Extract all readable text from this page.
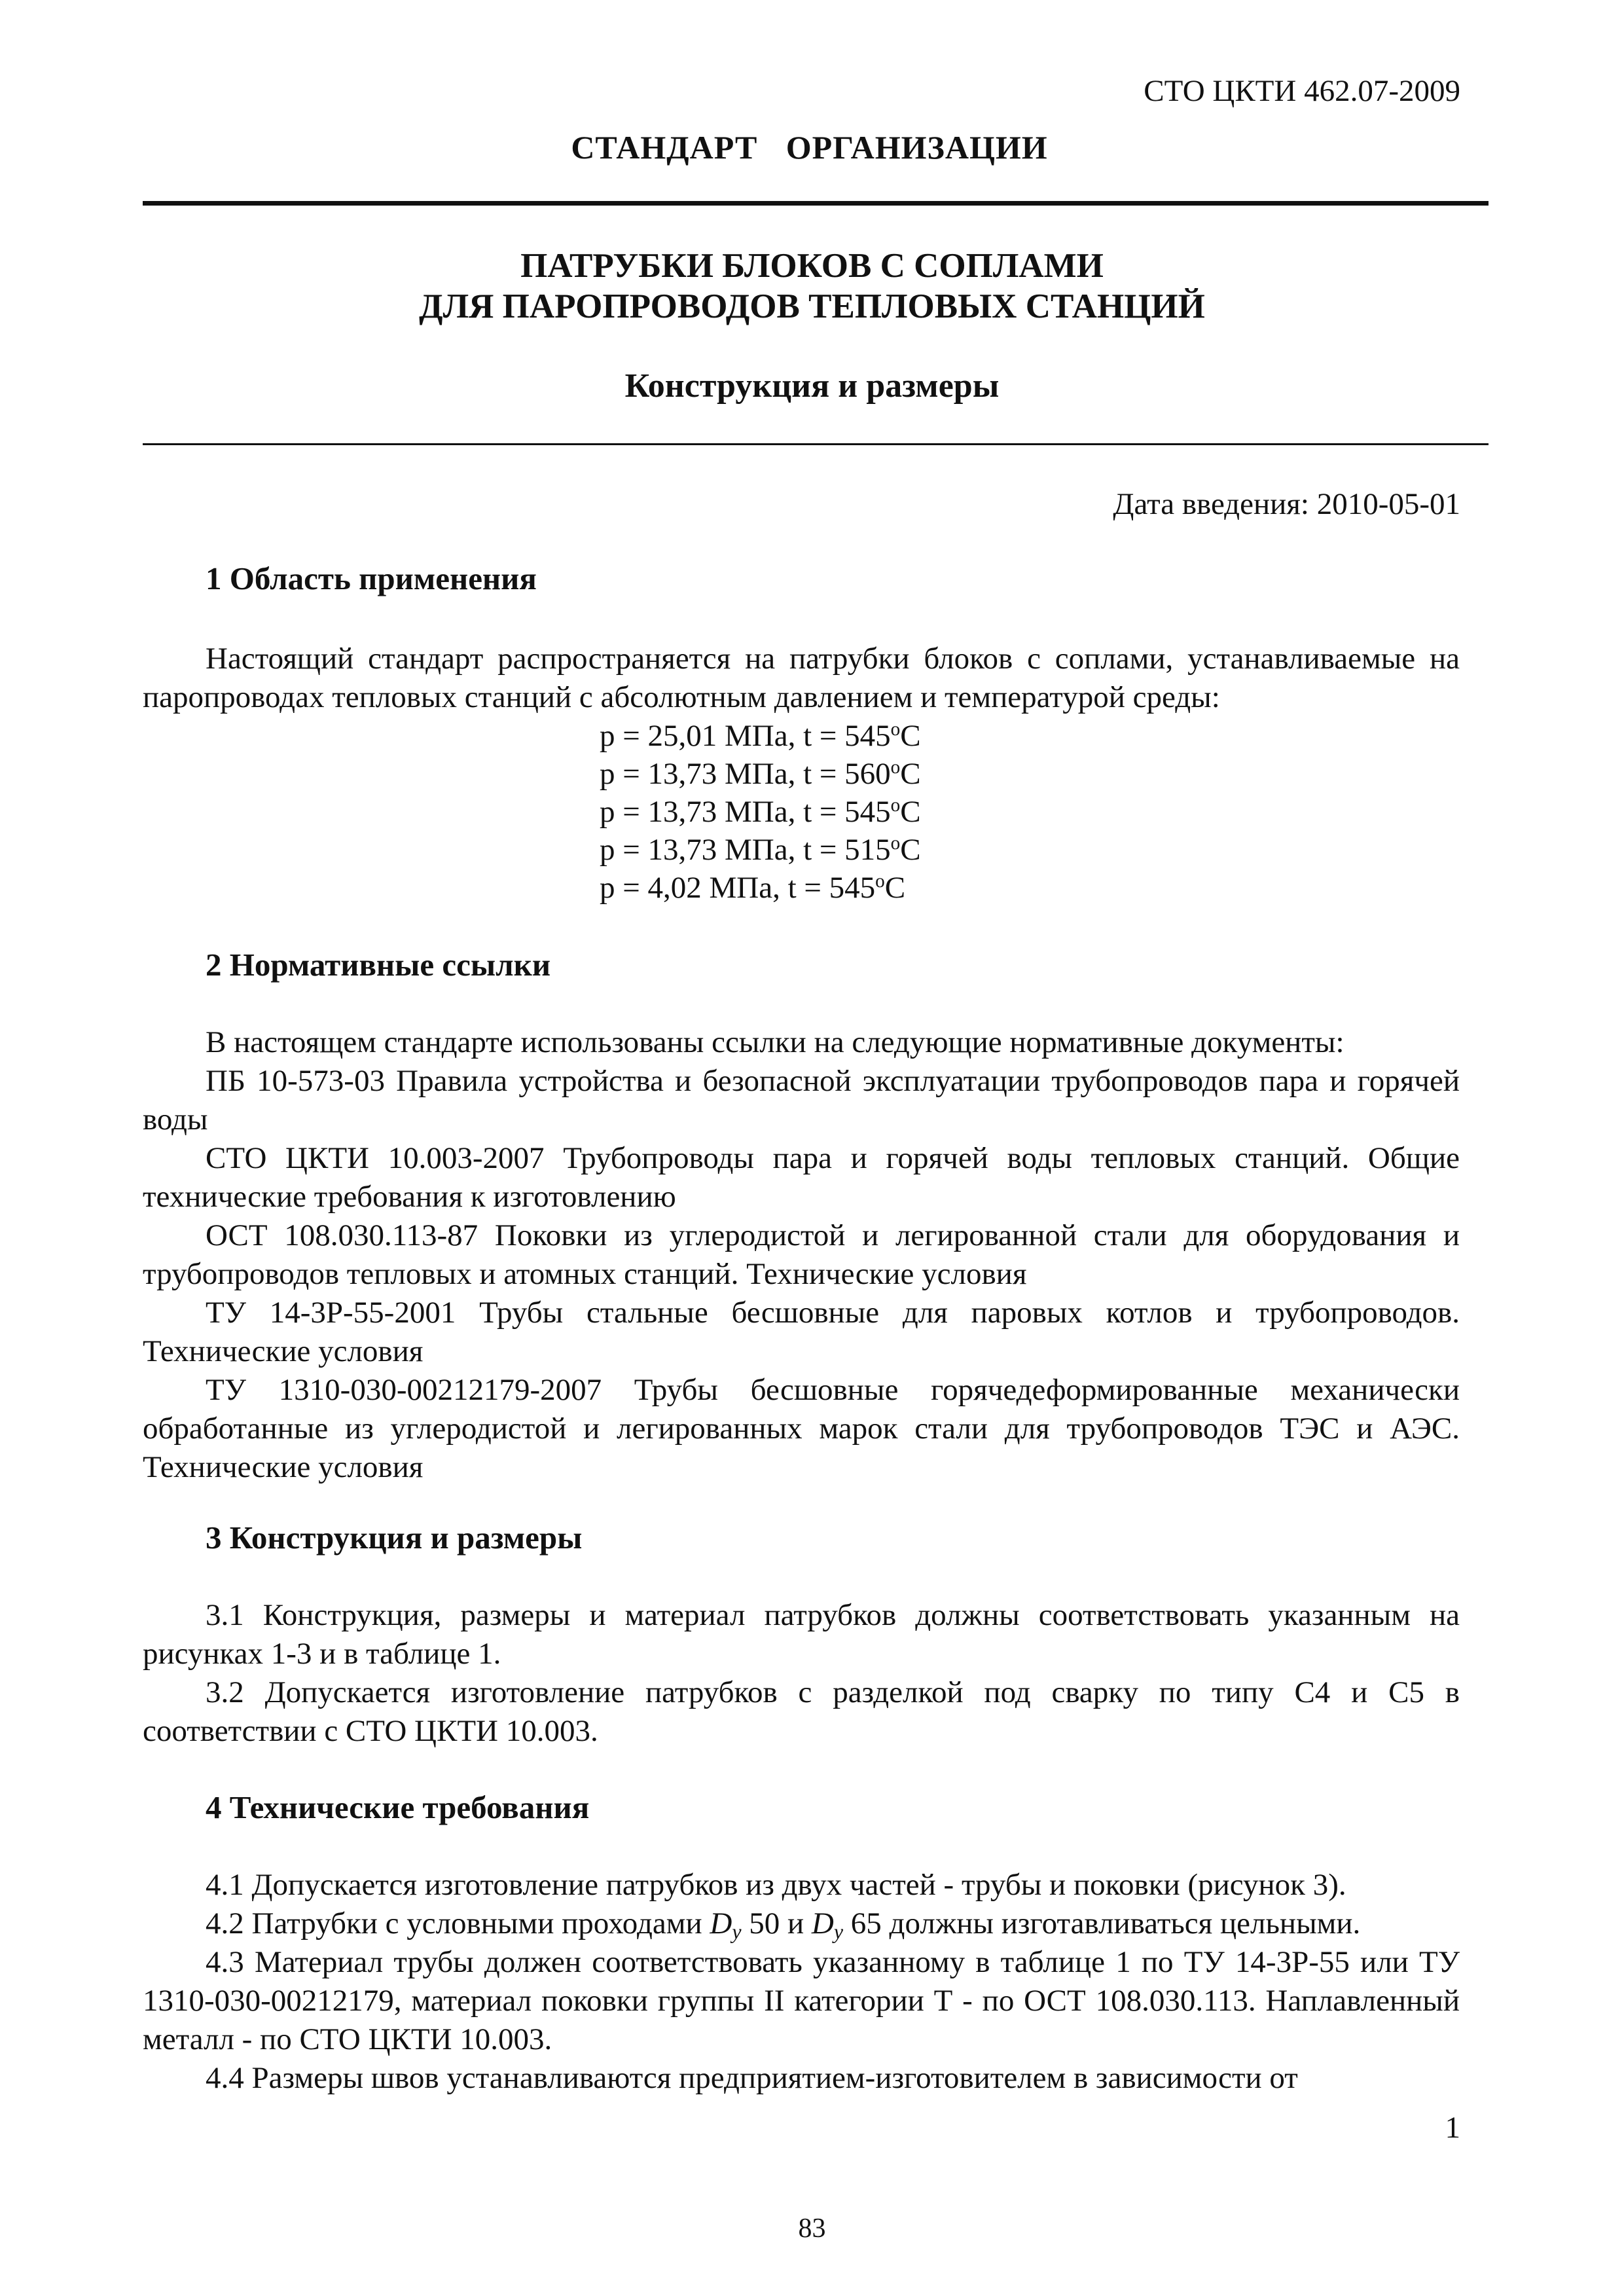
СТО ЦКТИ 462.07-2009
СТАНДАРТ ОРГАНИЗАЦИИ
ПАТРУБКИ БЛОКОВ С СОПЛАМИ
ДЛЯ ПАРОПРОВОДОВ ТЕПЛОВЫХ СТАНЦИЙ
Конструкция и размеры
Дата введения: 2010-05-01
1 Область применения
Настоящий стандарт распространяется на патрубки блоков с соплами, устанавливаемые на паропроводах тепловых станций с абсолютным давлением и температурой среды:
p = 25,01 МПа, $t = 545^oC$
p = 13,73 МПа, $t = 560^oC$
p = 13,73 МПа, $t = 545^oC$
p = 13,73 МПа, $t = 515^oC$
p = 4,02 МПа, $t = 545^oC$
2 Нормативные ссылки
В настоящем стандарте использованы ссылки на следующие нормативные документы:
ПБ 10-573-03 Правила устройства и безопасной эксплуатации трубопроводов пара и горячей воды
СТО ЦКТИ 10.003-2007 Трубопроводы пара и горячей воды тепловых станций. Общие технические требования к изготовлению
ОСТ 108.030.113-87 Поковки из углеродистой и легированной стали для оборудования и трубопроводов тепловых и атомных станций. Технические условия
ТУ 14-3Р-55-2001 Трубы стальные бесшовные для паровых котлов и трубопроводов. Технические условия
ТУ 1310-030-00212179-2007 Трубы бесшовные горячедеформированные механически обработанные из углеродистой и легированных марок стали для трубопроводов ТЭС и АЭС. Технические условия
3 Конструкция и размеры
3.1 Конструкция, размеры и материал патрубков должны соответствовать указанным на рисунках 1-3 и в таблице 1.
3.2 Допускается изготовление патрубков с разделкой под сварку по типу С4 и С5 в соответствии с СТО ЦКТИ 10.003.
4 Технические требования
4.1 Допускается изготовление патрубков из двух частей - трубы и поковки (рисунок 3).
4.2 Патрубки с условными проходами $D_y$ 50 и $D_y$ 65 должны изготавливаться цельными.
4.3 Материал трубы должен соответствовать указанному в таблице 1 по ТУ 14-3Р-55 или ТУ 1310-030-00212179, материал поковки группы II категории Т - по ОСТ 108.030.113. Наплавленный металл - по СТО ЦКТИ 10.003.
4.4 Размеры швов устанавливаются предприятием-изготовителем в зависимости от
1
83
